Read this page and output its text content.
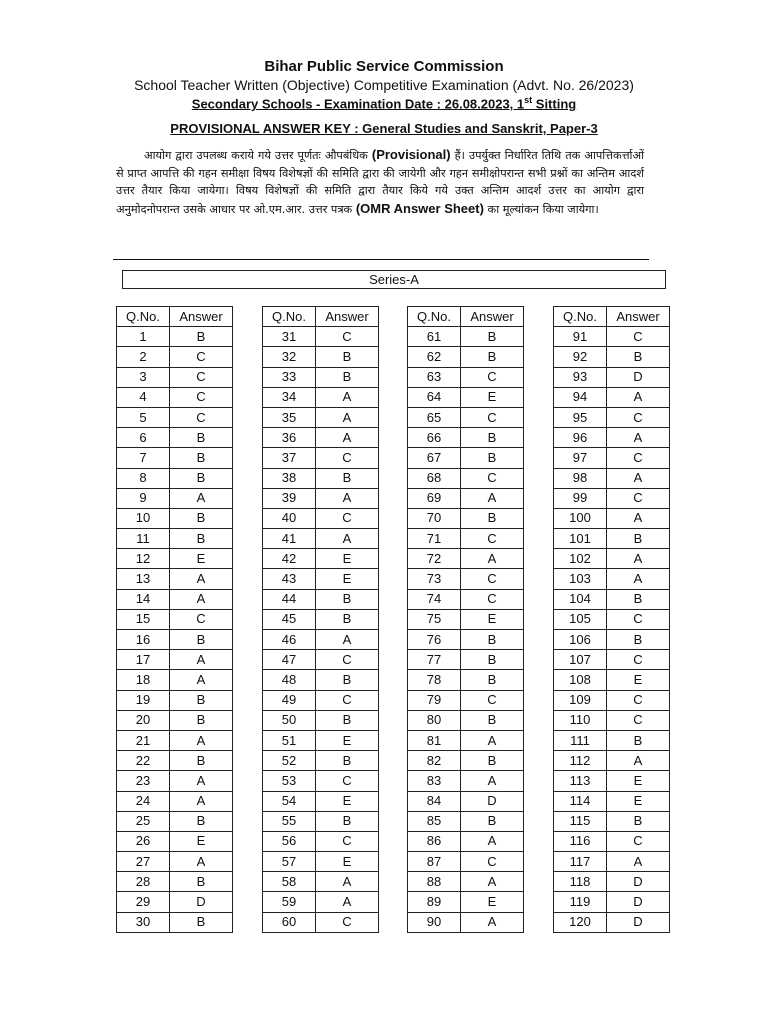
Bihar Public Service Commission
School Teacher Written (Objective) Competitive Examination (Advt. No. 26/2023)
Secondary Schools - Examination Date : 26.08.2023, 1st Sitting
PROVISIONAL ANSWER KEY : General Studies and Sanskrit, Paper-3

आयोग द्वारा उपलब्ध कराये गये उत्तर पूर्णतः औपबंधिक (Provisional) हैं। उपर्युक्त निर्धारित तिथि तक आपत्तिकर्त्ताओं से प्राप्त आपत्ति की गहन समीक्षा विषय विशेषज्ञों की समिति द्वारा की जायेगी और गहन समीक्षोपरान्त सभी प्रश्नों का अन्तिम आदर्श उत्तर तैयार किया जायेगा। विषय विशेषज्ञों की समिति द्वारा तैयार किये गये उक्त अन्तिम आदर्श उत्तर का आयोग द्वारा अनुमोदनोपरान्त उसके आधार पर ओ.एम.आर. उत्तर पत्रक (OMR Answer Sheet) का मूल्यांकन किया जायेगा।

Series-A
Q.No.	Answer
1	B
2	C
3	C
4	C
5	C
6	B
7	B
8	B
9	A
10	B
11	B
12	E
13	A
14	A
15	C
16	B
17	A
18	A
19	B
20	B
21	A
22	B
23	A
24	A
25	B
26	E
27	A
28	B
29	D
30	B
Q.No.	Answer
31	C
32	B
33	B
34	A
35	A
36	A
37	C
38	B
39	A
40	C
41	A
42	E
43	E
44	B
45	B
46	A
47	C
48	B
49	C
50	B
51	E
52	B
53	C
54	E
55	B
56	C
57	E
58	A
59	A
60	C
Q.No.	Answer
61	B
62	B
63	C
64	E
65	C
66	B
67	B
68	C
69	A
70	B
71	C
72	A
73	C
74	C
75	E
76	B
77	B
78	B
79	C
80	B
81	A
82	B
83	A
84	D
85	B
86	A
87	C
88	A
89	E
90	A
Q.No.	Answer
91	C
92	B
93	D
94	A
95	C
96	A
97	C
98	A
99	C
100	A
101	B
102	A
103	A
104	B
105	C
106	B
107	C
108	E
109	C
110	C
111	B
112	A
113	E
114	E
115	B
116	C
117	A
118	D
119	D
120	D
